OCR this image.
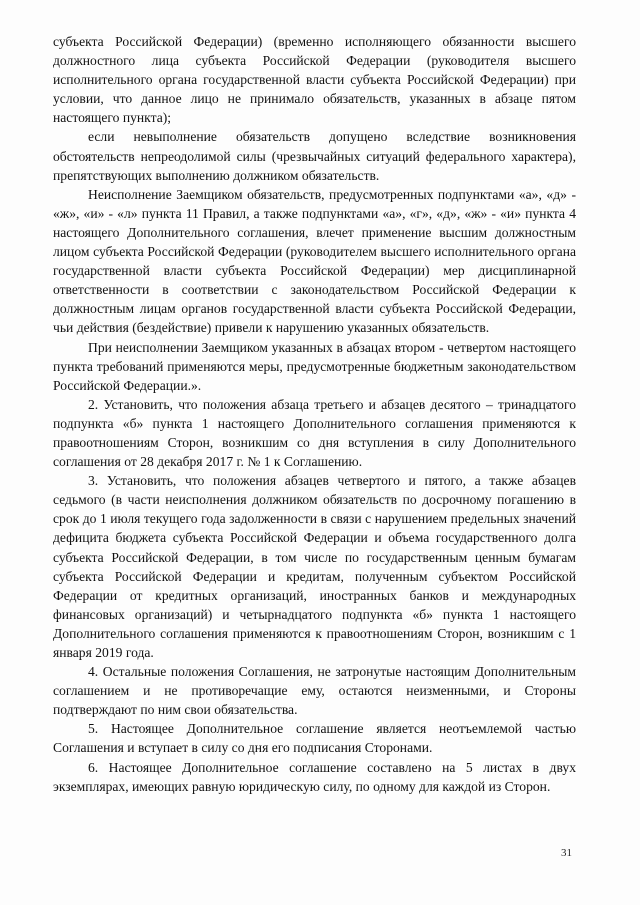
субъекта Российской Федерации) (временно исполняющего обязанности высшего должностного лица субъекта Российской Федерации (руководителя высшего исполнительного органа государственной власти субъекта Российской Федерации) при условии, что данное лицо не принимало обязательств, указанных в абзаце пятом настоящего пункта);

если невыполнение обязательств допущено вследствие возникновения обстоятельств непреодолимой силы (чрезвычайных ситуаций федерального характера), препятствующих выполнению должником обязательств.

Неисполнение Заемщиком обязательств, предусмотренных подпунктами «а», «д» - «ж», «и» - «л» пункта 11 Правил, а также подпунктами «а», «г», «д», «ж» - «и» пункта 4 настоящего Дополнительного соглашения, влечет применение высшим должностным лицом субъекта Российской Федерации (руководителем высшего исполнительного органа государственной власти субъекта Российской Федерации) мер дисциплинарной ответственности в соответствии с законодательством Российской Федерации к должностным лицам органов государственной власти субъекта Российской Федерации, чьи действия (бездействие) привели к нарушению указанных обязательств.

При неисполнении Заемщиком указанных в абзацах втором - четвертом настоящего пункта требований применяются меры, предусмотренные бюджетным законодательством Российской Федерации.».

2. Установить, что положения абзаца третьего и абзацев десятого – тринадцатого подпункта «б» пункта 1 настоящего Дополнительного соглашения применяются к правоотношениям Сторон, возникшим со дня вступления в силу Дополнительного соглашения от 28 декабря 2017 г. № 1 к Соглашению.

3. Установить, что положения абзацев четвертого и пятого, а также абзацев седьмого (в части неисполнения должником обязательств по досрочному погашению в срок до 1 июля текущего года задолженности в связи с нарушением предельных значений дефицита бюджета субъекта Российской Федерации и объема государственного долга субъекта Российской Федерации, в том числе по государственным ценным бумагам субъекта Российской Федерации и кредитам, полученным субъектом Российской Федерации от кредитных организаций, иностранных банков и международных финансовых организаций) и четырнадцатого подпункта «б» пункта 1 настоящего Дополнительного соглашения применяются к правоотношениям Сторон, возникшим с 1 января 2019 года.

4. Остальные положения Соглашения, не затронутые настоящим Дополнительным соглашением и не противоречащие ему, остаются неизменными, и Стороны подтверждают по ним свои обязательства.

5. Настоящее Дополнительное соглашение является неотъемлемой частью Соглашения и вступает в силу со дня его подписания Сторонами.

6. Настоящее Дополнительное соглашение составлено на 5 листах в двух экземплярах, имеющих равную юридическую силу, по одному для каждой из Сторон.

31
